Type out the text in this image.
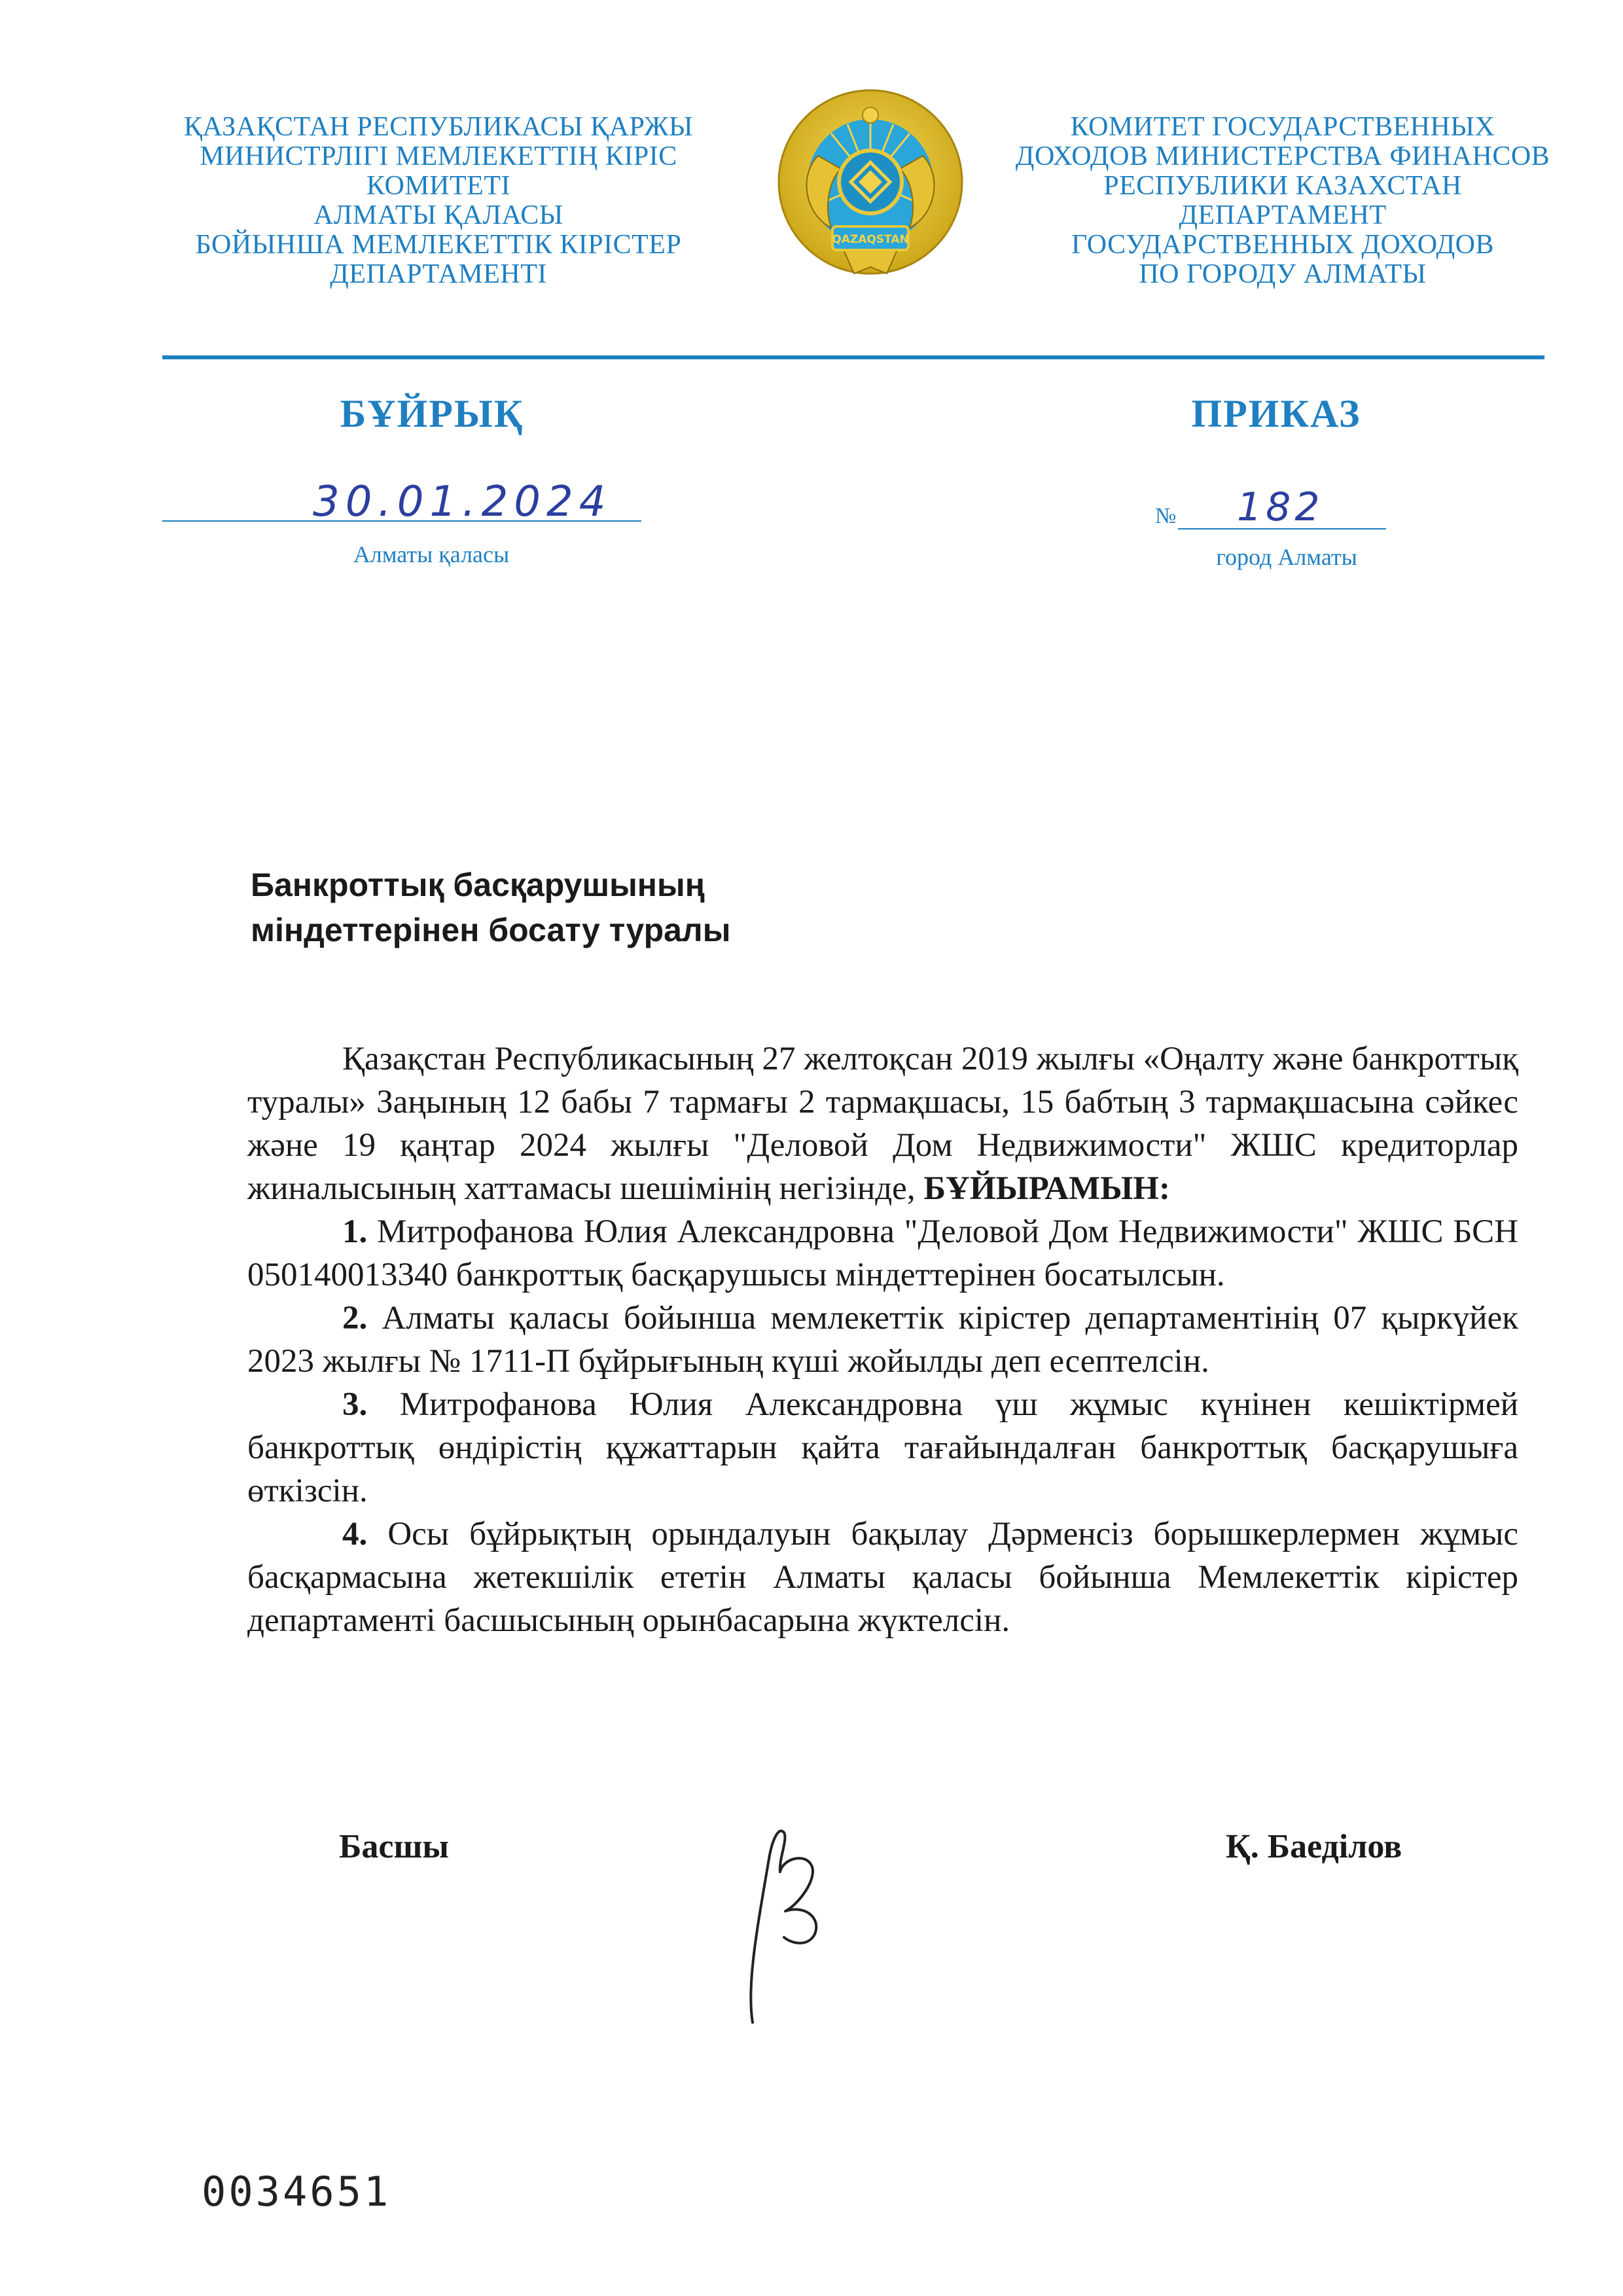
ҚАЗАҚСТАН РЕСПУБЛИКАСЫ ҚАРЖЫ
МИНИСТРЛІГІ МЕМЛЕКЕТТІҢ КІРІС
КОМИТЕТІ
АЛМАТЫ ҚАЛАСЫ
БОЙЫНША МЕМЛЕКЕТТІК КІРІСТЕР
ДЕПАРТАМЕНТІ
QAZAQSTAN
КОМИТЕТ ГОСУДАРСТВЕННЫХ
ДОХОДОВ МИНИСТЕРСТВА ФИНАНСОВ
РЕСПУБЛИКИ КАЗАХСТАН
ДЕПАРТАМЕНТ
ГОСУДАРСТВЕННЫХ ДОХОДОВ
ПО ГОРОДУ АЛМАТЫ
БҰЙРЫҚ	ПРИКАЗ
30.01.2024
Алматы қаласы
№ 182
город Алматы
Банкроттық басқарушының
міндеттерінен босату туралы

Қазақстан Республикасының 27 желтоқсан 2019 жылғы «Оңалту және банкроттық туралы» Заңының 12 бабы 7 тармағы 2 тармақшасы, 15 бабтың 3 тармақшасына сәйкес және 19 қаңтар 2024 жылғы "Деловой Дом Недвижимости" ЖШС кредиторлар жиналысының хаттамасы шешімінің негізінде, БҰЙЫРАМЫН:

1. Митрофанова Юлия Александровна "Деловой Дом Недвижимости" ЖШС БСН 050140013340 банкроттық басқарушысы міндеттерінен босатылсын.

2. Алматы қаласы бойынша мемлекеттік кірістер департаментінің 07 қыркүйек 2023 жылғы № 1711-П бұйрығының күші жойылды деп есептелсін.

3. Митрофанова Юлия Александровна үш жұмыс күнінен кешіктірмей банкроттық өндірістің құжаттарын қайта тағайындалған банкроттық басқарушыға өткізсін.

4. Осы бұйрықтың орындалуын бақылау Дәрменсіз борышкерлермен жұмыс басқармасына жетекшілік ететін Алматы қаласы бойынша Мемлекеттік кірістер департаменті басшысының орынбасарына жүктелсін.

Басшы	Қ. Баеділов
0034651
